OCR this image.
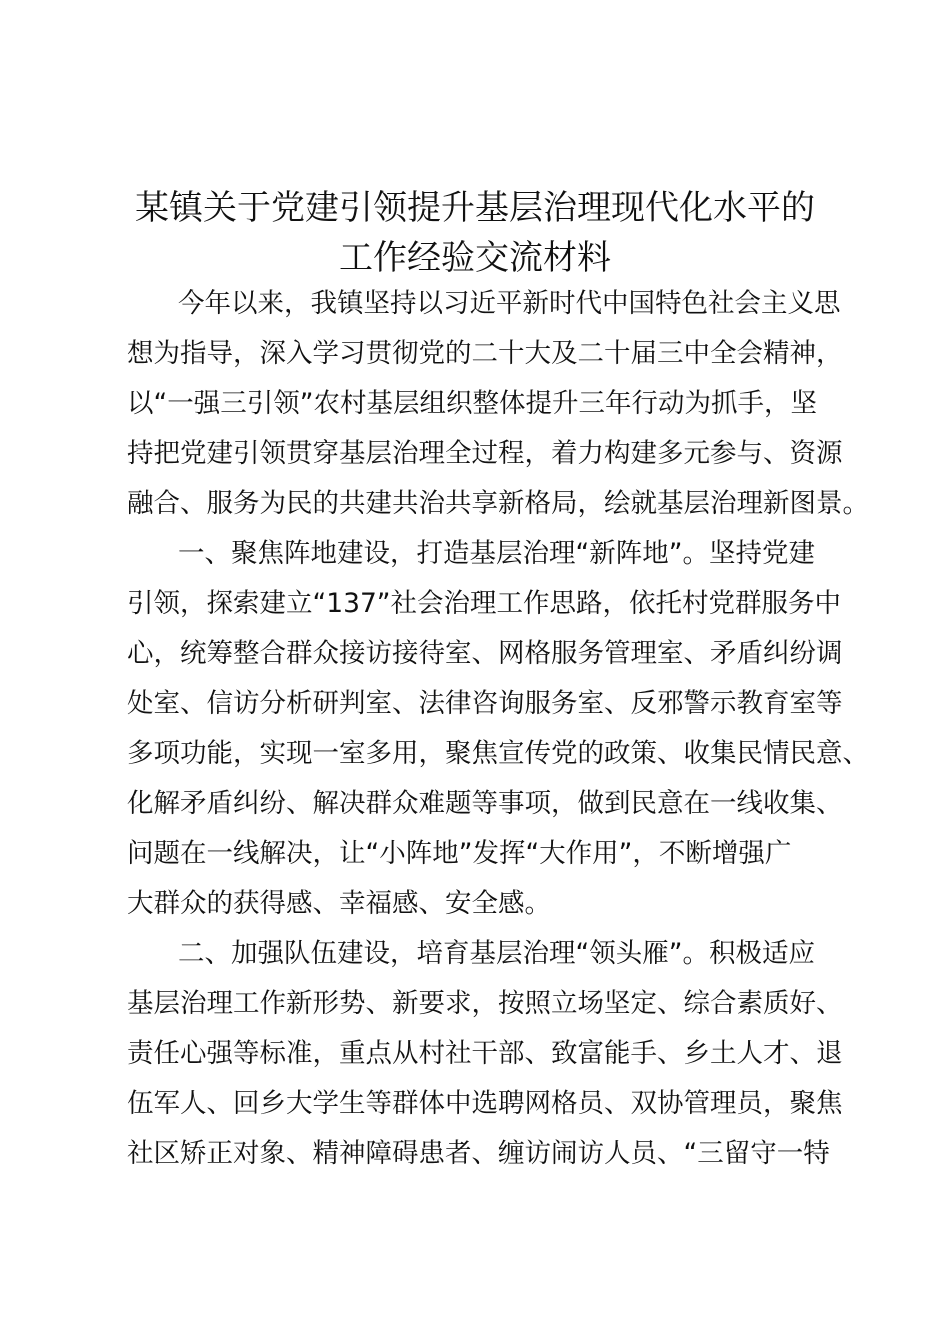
某镇关于党建引领提升基层治理现代化水平的
工作经验交流材料
今年以来，我镇坚持以习近平新时代中国特色社会主义思
想为指导，深入学习贯彻党的二十大及二十届三中全会精神，
以“一强三引领”农村基层组织整体提升三年行动为抓手，坚
持把党建引领贯穿基层治理全过程，着力构建多元参与、资源
融合、服务为民的共建共治共享新格局，绘就基层治理新图景。
一、聚焦阵地建设，打造基层治理“新阵地”。坚持党建
引领，探索建立“137”社会治理工作思路，依托村党群服务中
心，统筹整合群众接访接待室、网格服务管理室、矛盾纠纷调
处室、信访分析研判室、法律咨询服务室、反邪警示教育室等
多项功能，实现一室多用，聚焦宣传党的政策、收集民情民意、
化解矛盾纠纷、解决群众难题等事项，做到民意在一线收集、
问题在一线解决，让“小阵地”发挥“大作用”，不断增强广
大群众的获得感、幸福感、安全感。
二、加强队伍建设，培育基层治理“领头雁”。积极适应
基层治理工作新形势、新要求，按照立场坚定、综合素质好、
责任心强等标准，重点从村社干部、致富能手、乡土人才、退
伍军人、回乡大学生等群体中选聘网格员、双协管理员，聚焦
社区矫正对象、精神障碍患者、缠访闹访人员、“三留守一特
